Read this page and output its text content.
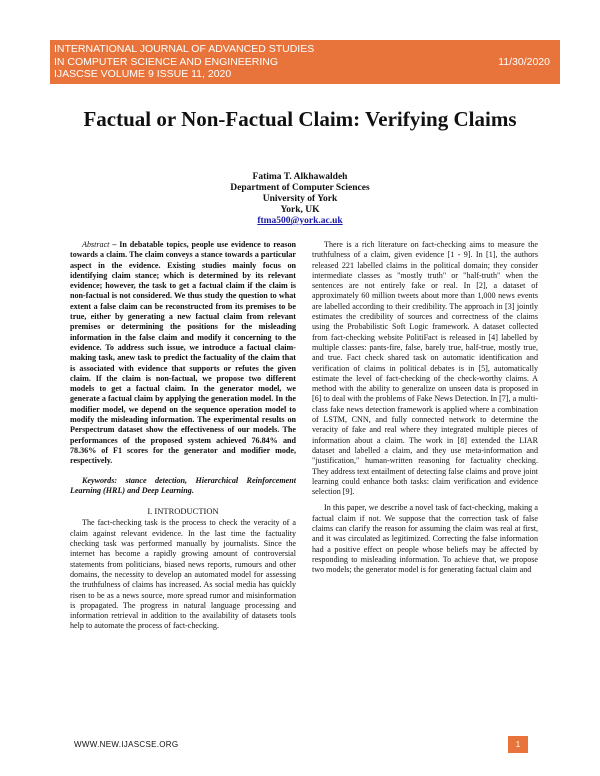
INTERNATIONAL JOURNAL OF ADVANCED STUDIES
IN COMPUTER SCIENCE AND ENGINEERING
IJASCSE VOLUME 9 ISSUE 11, 2020
11/30/2020
Factual or Non-Factual Claim: Verifying Claims
Fatima T. Alkhawaldeh
Department of Computer Sciences
University of York
York, UK
ftma500@york.ac.uk

Abstract – In debatable topics, people use evidence to reason towards a claim. The claim conveys a stance towards a particular aspect in the evidence. Existing studies mainly focus on identifying claim stance; which is determined by its relevant evidence; however, the task to get a factual claim if the claim is non-factual is not considered. We thus study the question to what extent a false claim can be reconstructed from its premises to be true, either by generating a new factual claim from relevant premises or determining the positions for the misleading information in the false claim and modify it concerning to the evidence. To address such issue, we introduce a factual claim-making task, anew task to predict the factuality of the claim that is associated with evidence that supports or refutes the given claim. If the claim is non-factual, we propose two different models to get a factual claim. In the generator model, we generate a factual claim by applying the generation model. In the modifier model, we depend on the sequence operation model to modify the misleading information. The experimental results on Perspectrum dataset show the effectiveness of our models. The performances of the proposed system achieved 76.84% and 78.36% of F1 scores for the generator and modifier mode, respectively.

Keywords: stance detection, Hierarchical Reinforcement Learning (HRL) and Deep Learning.

I. INTRODUCTION

The fact-checking task is the process to check the veracity of a claim against relevant evidence. In the last time the factuality checking task was performed manually by journalists. Since the internet has become a rapidly growing amount of controversial statements from politicians, biased news reports, rumours and other domains, the necessity to develop an automated model for assessing the truthfulness of claims has increased. As social media has quickly risen to be as a news source, more spread rumor and misinformation is propagated. The progress in natural language processing and information retrieval in addition to the availability of datasets tools help to automate the process of fact-checking.

There is a rich literature on fact-checking aims to measure the truthfulness of a claim, given evidence [1 - 9]. In [1], the authors released 221 labelled claims in the political domain; they consider intermediate classes as "mostly truth" or "half-truth" when the sentences are not entirely fake or real. In [2], a dataset of approximately 60 million tweets about more than 1,000 news events are labelled according to their credibility. The approach in [3] jointly estimates the credibility of sources and correctness of the claims using the Probabilistic Soft Logic framework. A dataset collected from fact-checking website PolitiFact is released in [4] labelled by multiple classes: pants-fire, false, barely true, half-true, mostly true, and true. Fact check shared task on automatic identification and verification of claims in political debates is in [5], automatically estimate the level of fact-checking of the check-worthy claims. A method with the ability to generalize on unseen data is proposed in [6] to deal with the problems of Fake News Detection. In [7], a multi-class fake news detection framework is applied where a combination of LSTM, CNN, and fully connected network to determine the veracity of fake and real where they integrated multiple pieces of information about a claim. The work in [8] extended the LIAR dataset and labelled a claim, and they use meta-information and "justification," human-written reasoning for factuality checking. They address text entailment of detecting false claims and prove joint learning could enhance both tasks: claim verification and evidence selection [9].

In this paper, we describe a novel task of fact-checking, making a factual claim if not. We suppose that the correction task of false claims can clarify the reason for assuming the claim was real at first, and it was circulated as legitimized. Correcting the false information had a positive effect on people whose beliefs may be affected by responding to misleading information. To achieve that, we propose two models; the generator model is for generating factual claim and

WWW.NEW.IJASCSE.ORG	1
